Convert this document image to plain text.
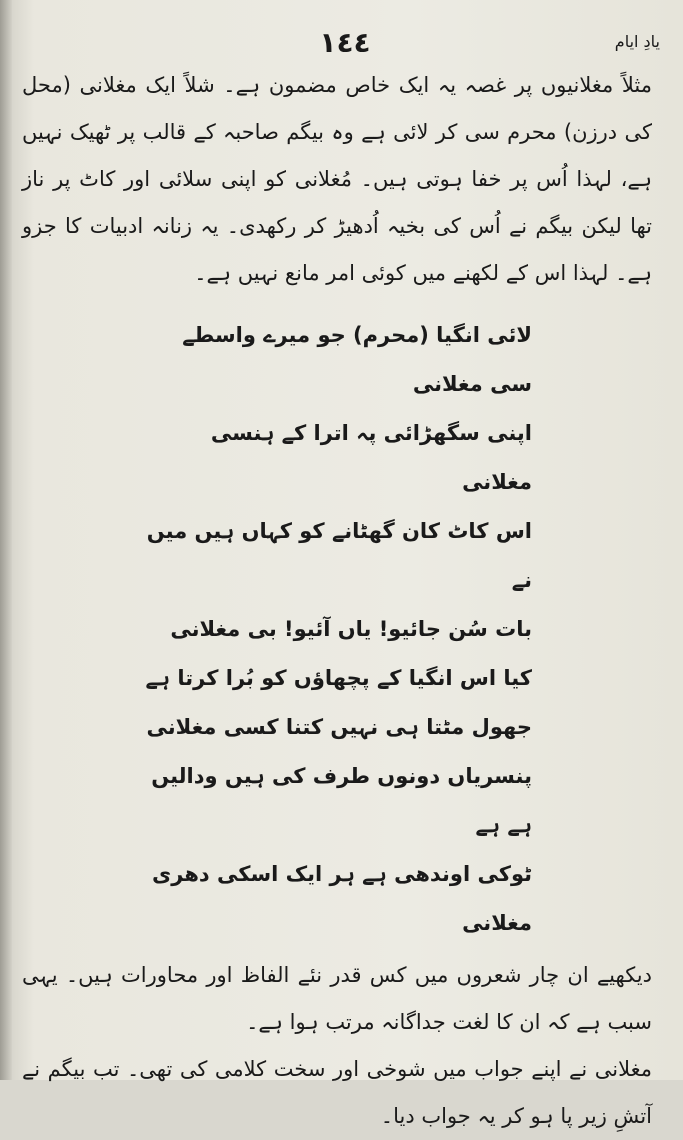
١٤٤	یادِ ایام

مثلاً مغلانیوں پر غصہ یہ ایک خاص مضمون ہے۔ شلاً ایک مغلانی (محل کی درزن) محرم سی کر لائی ہے وہ بیگم صاحبہ کے قالب پر ٹھیک نہیں ہے، لہذا اُس پر خفا ہوتی ہیں۔ مُغلانی کو اپنی سلائی اور کاٹ پر ناز تھا لیکن بیگم نے اُس کی بخیہ اُدھیڑ کر رکھدی۔ یہ زنانہ ادبیات کا جزو ہے۔ لہذا اس کے لکھنے میں کوئی امر مانع نہیں ہے۔

لائی انگیا (محرم) جو میرے واسطے سی مغلانی

اپنی سگھڑائی پہ اترا کے ہنسی مغلانی

اس کاٹ کان گھٹانے کو کہاں ہیں میں نے

بات سُن جائیو! یاں آئیو! بی مغلانی

کیا اس انگیا کے پچھاؤں کو بُرا کرتا ہے

جھول مٹتا ہی نہیں کتنا کسی مغلانی

پنسریاں دونوں طرف کی ہیں ودالیں ہے ہے

ٹوکی اوندھی ہے ہر ایک اسکی دھری مغلانی

دیکھیے ان چار شعروں میں کس قدر نئے الفاظ اور محاورات ہیں۔ یہی سبب ہے کہ ان کا لغت جداگانہ مرتب ہوا ہے۔

مغلانی نے اپنے جواب میں شوخی اور سخت کلامی کی تھی۔ تب بیگم نے آتشِ زیر پا ہو کر یہ جواب دیا۔
